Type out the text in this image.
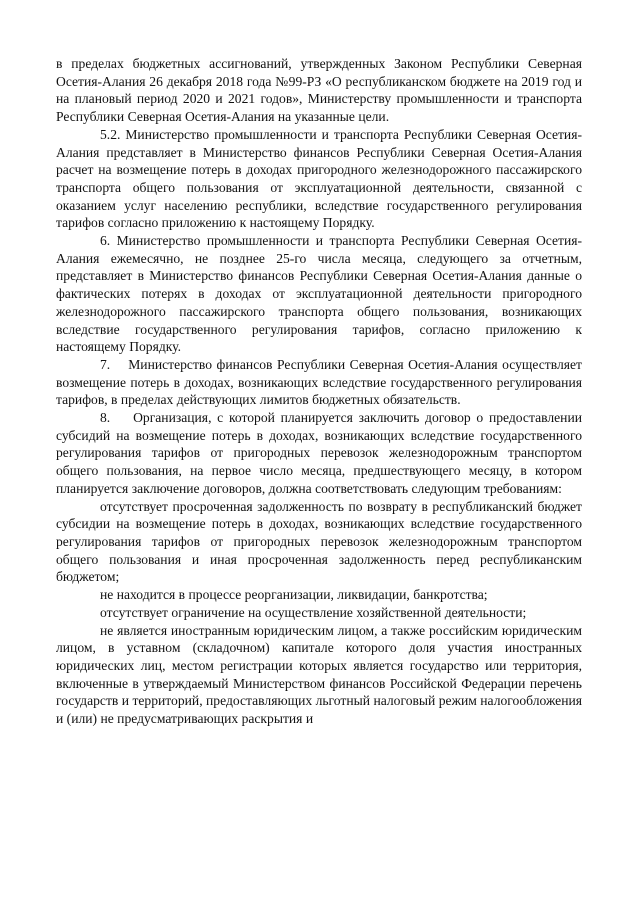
в пределах бюджетных ассигнований, утвержденных Законом Республики Северная Осетия-Алания 26 декабря 2018 года №99-РЗ «О республиканском бюджете на 2019 год и на плановый период 2020 и 2021 годов», Министерству промышленности и транспорта Республики Северная Осетия-Алания на указанные цели.

5.2. Министерство промышленности и транспорта Республики Северная Осетия-Алания представляет в Министерство финансов Республики Северная Осетия-Алания расчет на возмещение потерь в доходах пригородного железнодорожного пассажирского транспорта общего пользования от эксплуатационной деятельности, связанной с оказанием услуг населению республики, вследствие государственного регулирования тарифов согласно приложению к настоящему Порядку.

6. Министерство промышленности и транспорта Республики Северная Осетия-Алания ежемесячно, не позднее 25-го числа месяца, следующего за отчетным, представляет в Министерство финансов Республики Северная Осетия-Алания данные о фактических потерях в доходах от эксплуатационной деятельности пригородного железнодорожного пассажирского транспорта общего пользования, возникающих вследствие государственного регулирования тарифов, согласно приложению к настоящему Порядку.

7.    Министерство финансов Республики Северная Осетия-Алания осуществляет возмещение потерь в доходах, возникающих вследствие государственного регулирования тарифов, в пределах действующих лимитов бюджетных обязательств.

8.    Организация, с которой планируется заключить договор о предоставлении субсидий на возмещение потерь в доходах, возникающих вследствие государственного регулирования тарифов от пригородных перевозок железнодорожным транспортом общего пользования, на первое число месяца, предшествующего месяцу, в котором планируется заключение договоров, должна соответствовать следующим требованиям:

отсутствует просроченная задолженность по возврату в республиканский бюджет субсидии на возмещение потерь в доходах, возникающих вследствие государственного регулирования тарифов от пригородных перевозок железнодорожным транспортом общего пользования и иная просроченная задолженность перед республиканским бюджетом;

не находится в процессе реорганизации, ликвидации, банкротства;

отсутствует ограничение на осуществление хозяйственной деятельности;

не является иностранным юридическим лицом, а также российским юридическим лицом, в уставном (складочном) капитале которого доля участия иностранных юридических лиц, местом регистрации которых является государство или территория, включенные в утверждаемый Министерством финансов Российской Федерации перечень государств и территорий, предоставляющих льготный налоговый режим налогообложения и (или) не предусматривающих раскрытия и
